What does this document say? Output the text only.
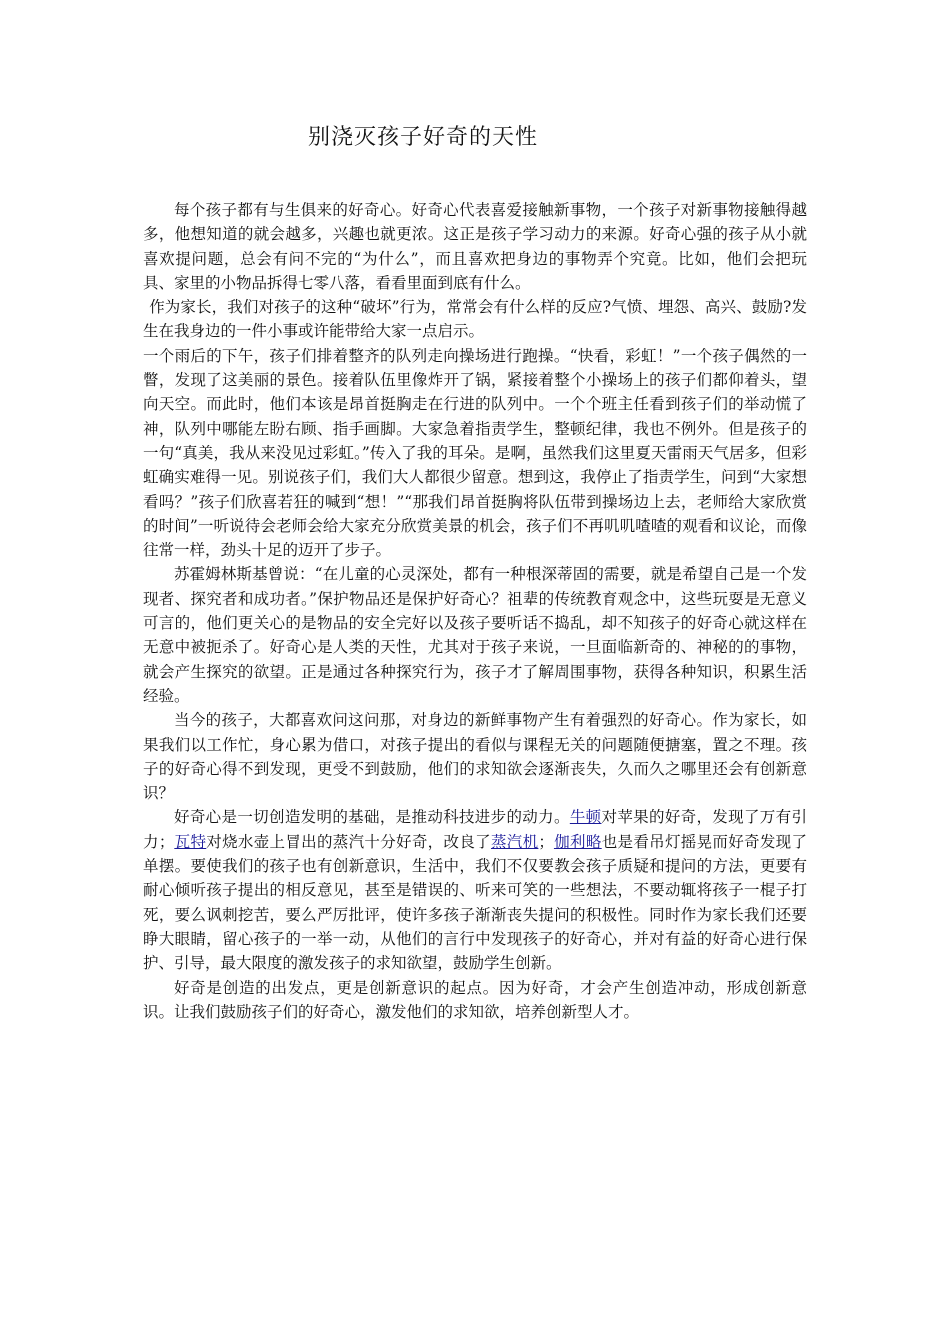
别浇灭孩子好奇的天性

每个孩子都有与生俱来的好奇心。好奇心代表喜爱接触新事物，一个孩子对新事物接触得越多，他想知道的就会越多，兴趣也就更浓。这正是孩子学习动力的来源。好奇心强的孩子从小就喜欢提问题，总会有问不完的“为什么”，而且喜欢把身边的事物弄个究竟。比如，他们会把玩具、家里的小物品拆得七零八落，看看里面到底有什么。

作为家长，我们对孩子的这种“破坏”行为，常常会有什么样的反应?气愤、埋怨、高兴、鼓励?发生在我身边的一件小事或许能带给大家一点启示。

一个雨后的下午，孩子们排着整齐的队列走向操场进行跑操。“快看，彩虹！”一个孩子偶然的一瞥，发现了这美丽的景色。接着队伍里像炸开了锅，紧接着整个小操场上的孩子们都仰着头，望向天空。而此时，他们本该是昂首挺胸走在行进的队列中。一个个班主任看到孩子们的举动慌了神，队列中哪能左盼右顾、指手画脚。大家急着指责学生，整顿纪律，我也不例外。但是孩子的一句“真美，我从来没见过彩虹。”传入了我的耳朵。是啊，虽然我们这里夏天雷雨天气居多，但彩虹确实难得一见。别说孩子们，我们大人都很少留意。想到这，我停止了指责学生，问到“大家想看吗？”孩子们欣喜若狂的喊到“想！”“那我们昂首挺胸将队伍带到操场边上去，老师给大家欣赏的时间”一听说待会老师会给大家充分欣赏美景的机会，孩子们不再叽叽喳喳的观看和议论，而像往常一样，劲头十足的迈开了步子。

苏霍姆林斯基曾说：“在儿童的心灵深处，都有一种根深蒂固的需要，就是希望自己是一个发现者、探究者和成功者。”保护物品还是保护好奇心？祖辈的传统教育观念中，这些玩耍是无意义可言的，他们更关心的是物品的安全完好以及孩子要听话不捣乱，却不知孩子的好奇心就这样在无意中被扼杀了。好奇心是人类的天性，尤其对于孩子来说，一旦面临新奇的、神秘的的事物，就会产生探究的欲望。正是通过各种探究行为，孩子才了解周围事物，获得各种知识，积累生活经验。

当今的孩子，大都喜欢问这问那，对身边的新鲜事物产生有着强烈的好奇心。作为家长，如果我们以工作忙，身心累为借口，对孩子提出的看似与课程无关的问题随便搪塞，置之不理。孩子的好奇心得不到发现，更受不到鼓励，他们的求知欲会逐渐丧失，久而久之哪里还会有创新意识？

好奇心是一切创造发明的基础，是推动科技进步的动力。牛顿对苹果的好奇，发现了万有引力；瓦特对烧水壶上冒出的蒸汽十分好奇，改良了蒸汽机；伽利略也是看吊灯摇晃而好奇发现了单摆。要使我们的孩子也有创新意识，生活中，我们不仅要教会孩子质疑和提问的方法，更要有耐心倾听孩子提出的相反意见，甚至是错误的、听来可笑的一些想法，不要动辄将孩子一棍子打死，要么讽刺挖苦，要么严厉批评，使许多孩子渐渐丧失提问的积极性。同时作为家长我们还要睁大眼睛，留心孩子的一举一动，从他们的言行中发现孩子的好奇心，并对有益的好奇心进行保护、引导，最大限度的激发孩子的求知欲望，鼓励学生创新。

好奇是创造的出发点，更是创新意识的起点。因为好奇，才会产生创造冲动，形成创新意识。让我们鼓励孩子们的好奇心，激发他们的求知欲，培养创新型人才。
